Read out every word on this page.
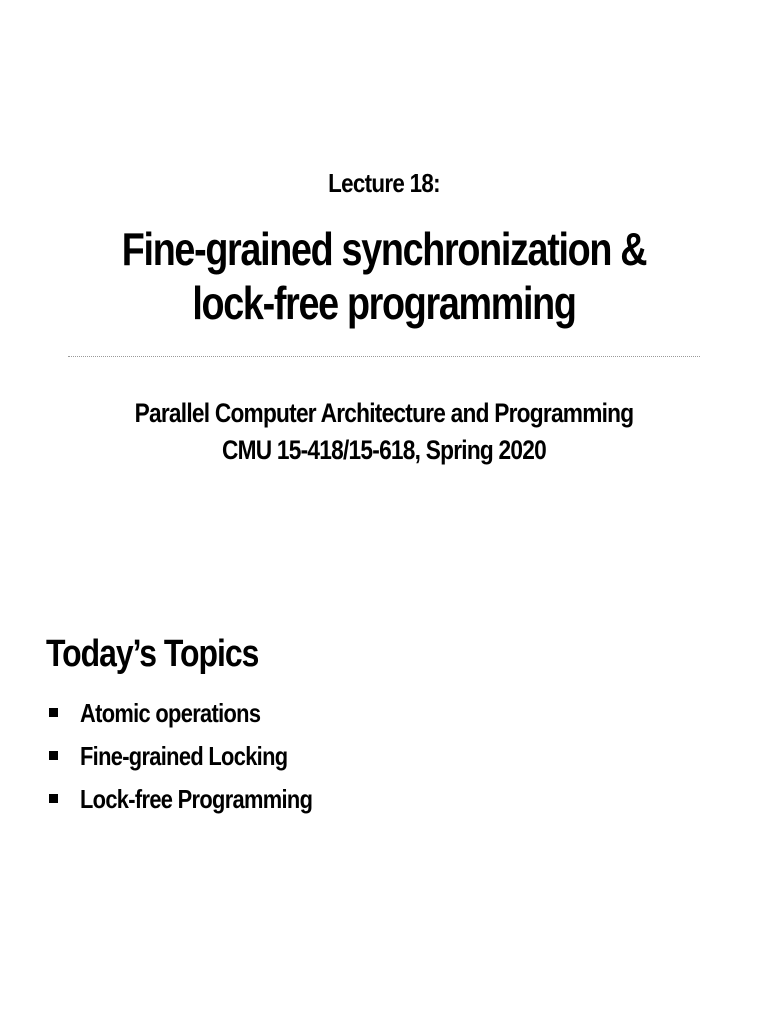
Lecture 18:
Fine-grained synchronization &
lock-free programming
Parallel Computer Architecture and Programming
CMU 15-418/15-618, Spring 2020
Today’s Topics
Atomic operations
Fine-grained Locking
Lock-free Programming
